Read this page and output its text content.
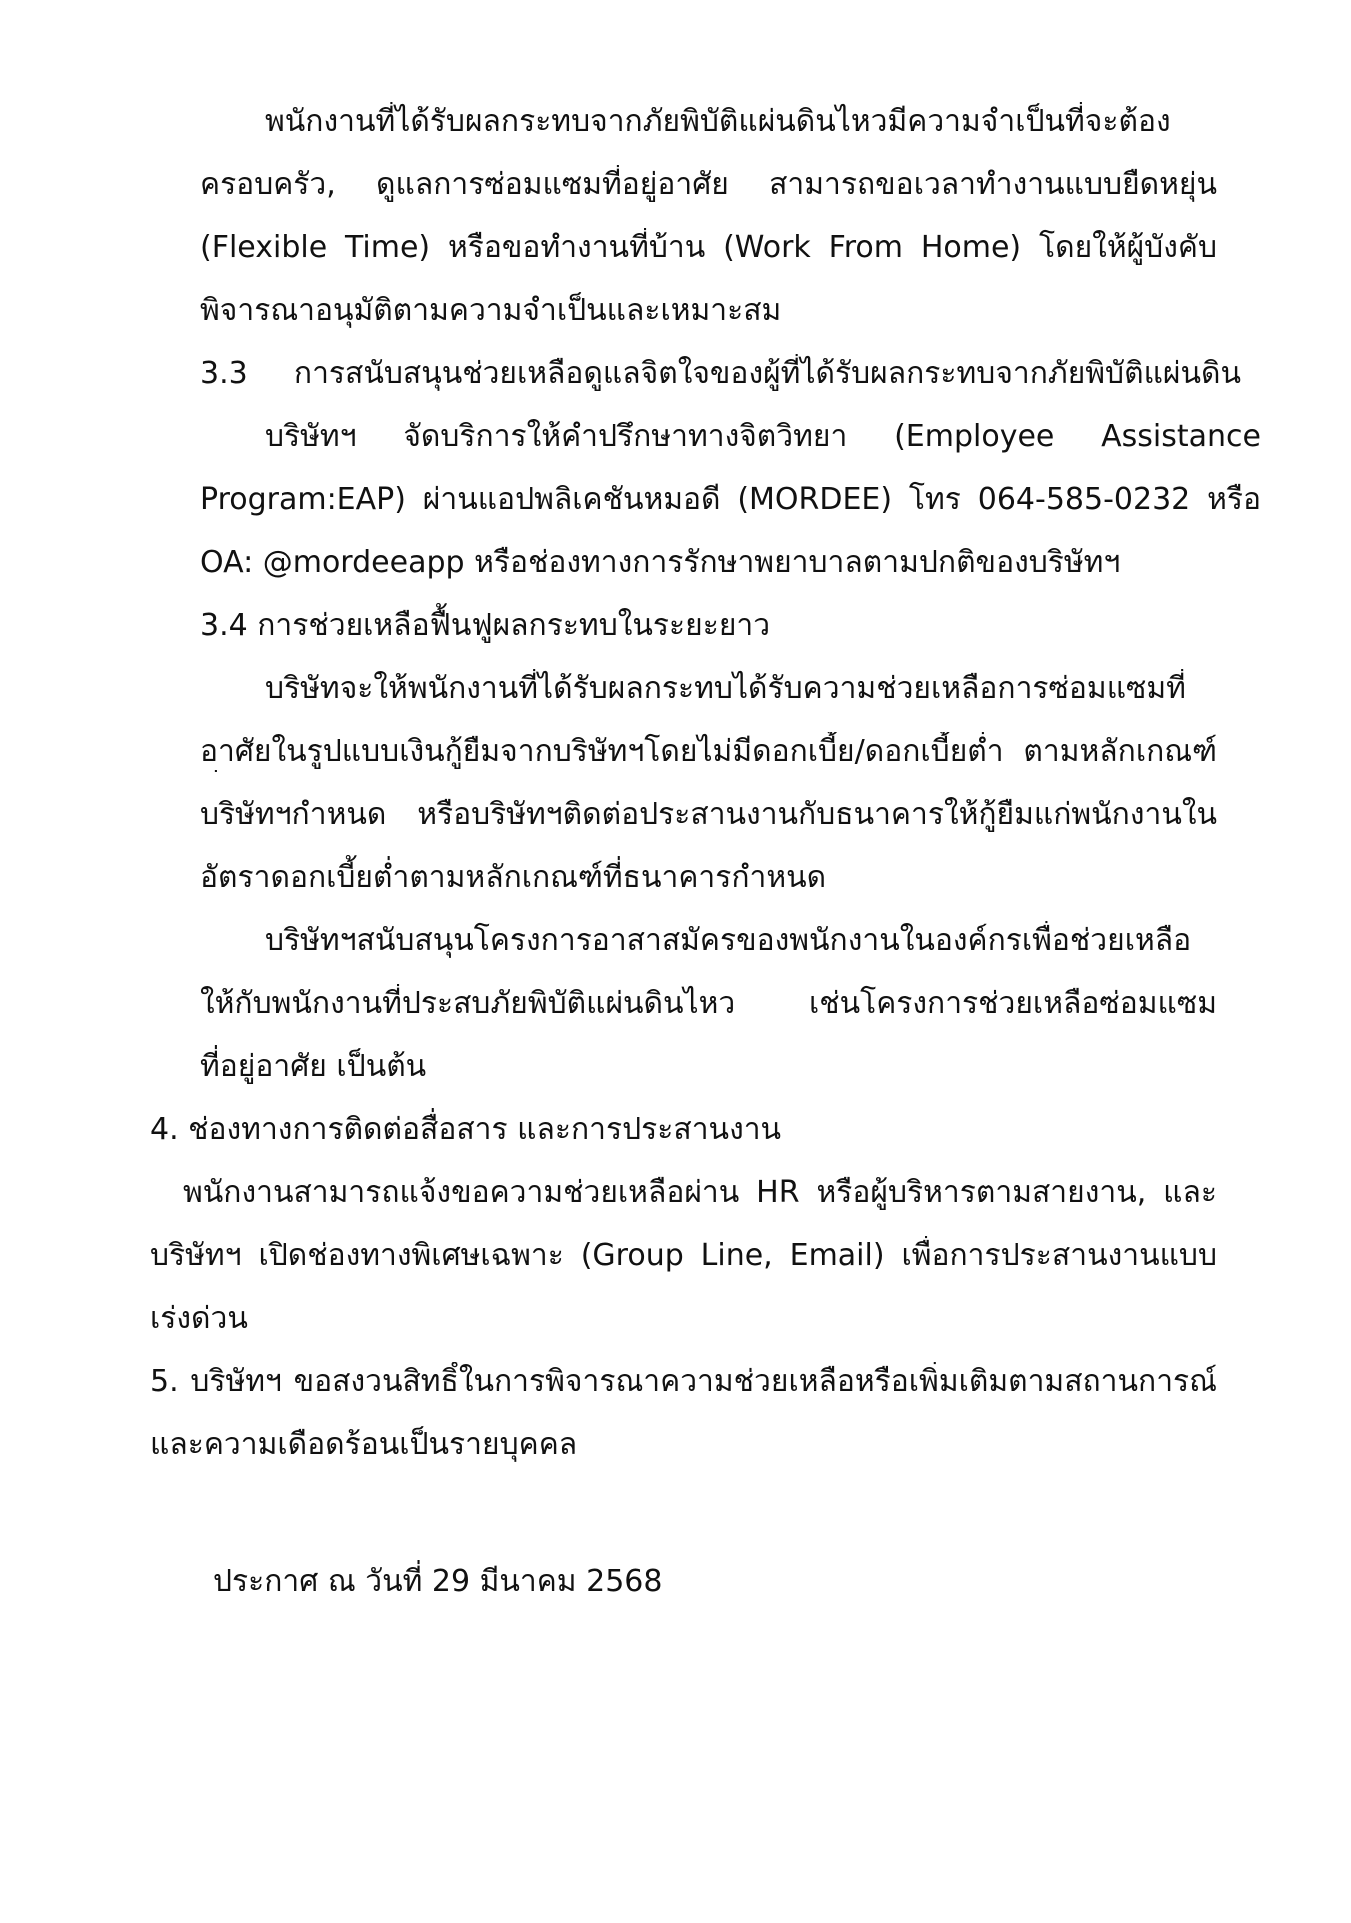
พนักงานที่ได้รับผลกระทบจากภัยพิบัติแผ่นดินไหวมีความจำเป็นที่จะต้อง
ครอบครัว, ดูแลการซ่อมแซมที่อยู่อาศัย สามารถขอเวลาทำงานแบบยืดหยุ่น
(Flexible Time) หรือขอทำงานที่บ้าน (Work From Home) โดยให้ผู้บังคับ
พิจารณาอนุมัติตามความจำเป็นและเหมาะสม
3.3 การสนับสนุนช่วยเหลือดูแลจิตใจของผู้ที่ได้รับผลกระทบจากภัยพิบัติแผ่นดิน
บริษัทฯ จัดบริการให้คำปรึกษาทางจิตวิทยา (Employee Assistance
Program:EAP) ผ่านแอปพลิเคชันหมอดี (MORDEE) โทร 064-585-0232 หรือ
OA: @mordeeapp หรือช่องทางการรักษาพยาบาลตามปกติของบริษัทฯ
3.4 การช่วยเหลือฟื้นฟูผลกระทบในระยะยาว
บริษัทจะให้พนักงานที่ได้รับผลกระทบได้รับความช่วยเหลือการซ่อมแซมที่
อาศัยในรูปแบบเงินกู้ยืมจากบริษัทฯโดยไม่มีดอกเบี้ย/ดอกเบี้ยต่ำ ตามหลักเกณฑ์
บริษัทฯกำหนด หรือบริษัทฯติดต่อประสานงานกับธนาคารให้กู้ยืมแก่พนักงานใน
อัตราดอกเบี้ยต่ำตามหลักเกณฑ์ที่ธนาคารกำหนด
บริษัทฯสนับสนุนโครงการอาสาสมัครของพนักงานในองค์กรเพื่อช่วยเหลือ
ให้กับพนักงานที่ประสบภัยพิบัติแผ่นดินไหว เช่นโครงการช่วยเหลือซ่อมแซม
ที่อยู่อาศัย เป็นต้น
4. ช่องทางการติดต่อสื่อสาร และการประสานงาน
พนักงานสามารถแจ้งขอความช่วยเหลือผ่าน HR หรือผู้บริหารตามสายงาน, และ
บริษัทฯ เปิดช่องทางพิเศษเฉพาะ (Group Line, Email) เพื่อการประสานงานแบบ
เร่งด่วน
5. บริษัทฯ ขอสงวนสิทธิ์ในการพิจารณาความช่วยเหลือหรือเพิ่มเติมตามสถานการณ์
และความเดือดร้อนเป็นรายบุคคล
ประกาศ ณ วันที่ 29 มีนาคม 2568
